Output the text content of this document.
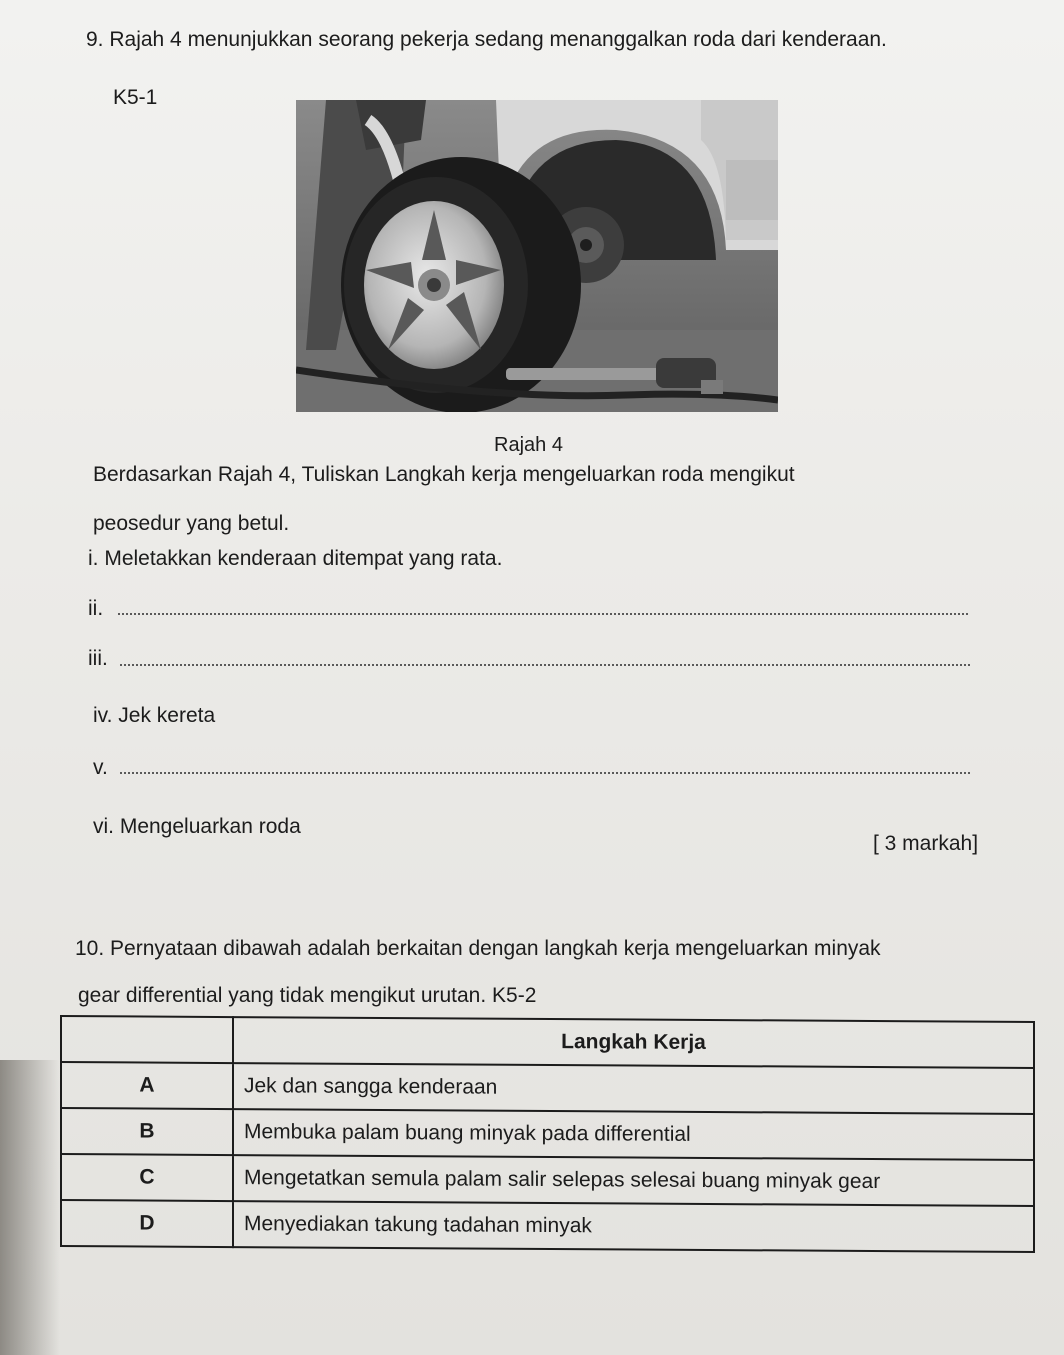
9. Rajah 4 menunjukkan seorang pekerja sedang menanggalkan roda dari kenderaan.
K5-1
Rajah 4
Berdasarkan Rajah 4, Tuliskan Langkah kerja mengeluarkan roda mengikut
peosedur yang betul.
i. Meletakkan kenderaan ditempat yang rata.
ii.
iii.
iv. Jek kereta
v.
vi. Mengeluarkan roda
[ 3 markah]
10. Pernyataan dibawah adalah berkaitan dengan langkah kerja mengeluarkan minyak
gear differential yang tidak mengikut urutan. K5-2
	Langkah Kerja
A	Jek dan sangga kenderaan
B	Membuka palam buang minyak pada differential
C	Mengetatkan semula palam salir selepas selesai buang minyak gear
D	Menyediakan takung tadahan minyak
